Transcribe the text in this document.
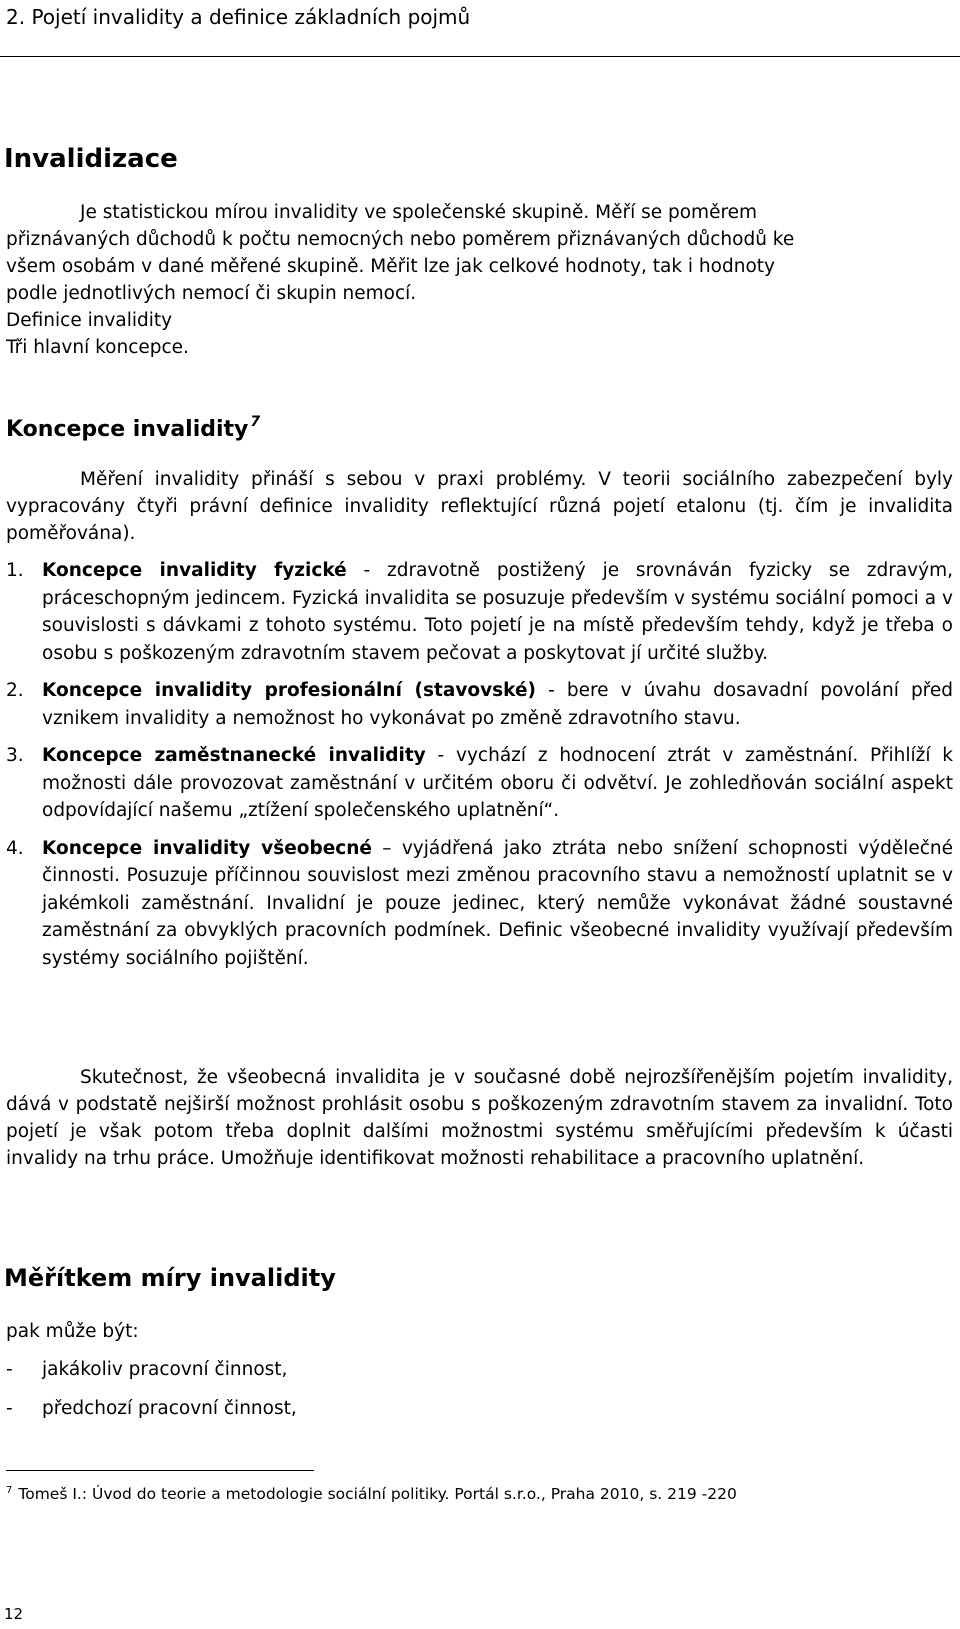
2. Pojetí invalidity a definice základních pojmů
Invalidizace
Je statistickou mírou invalidity ve společenské skupině. Měří se poměrem
přiznávaných důchodů k počtu nemocných nebo poměrem přiznávaných důchodů ke
všem osobám v dané měřené skupině. Měřit lze jak celkové hodnoty, tak i hodnoty
podle jednotlivých nemocí či skupin nemocí.
Definice invalidity
Tři hlavní koncepce.
Koncepce invalidity $^7$

Měření invalidity přináší s sebou v praxi problémy. V teorii sociálního zabezpečení byly vypracovány čtyři právní definice invalidity reflektující různá pojetí etalonu (tj. čím je invalidita poměřována).

1. Koncepce invalidity fyzické - zdravotně postižený je srovnáván fyzicky se zdravým, práceschopným jedincem. Fyzická invalidita se posuzuje především v systému sociální pomoci a v souvislosti s dávkami z tohoto systému. Toto pojetí je na místě především tehdy, když je třeba o osobu s poškozeným zdravotním stavem pečovat a poskytovat jí určité služby.
2. Koncepce invalidity profesionální (stavovské) - bere v úvahu dosavadní povolání před vznikem invalidity a nemožnost ho vykonávat po změně zdravotního stavu.
3. Koncepce zaměstnanecké invalidity - vychází z hodnocení ztrát v zaměstnání. Přihlíží k možnosti dále provozovat zaměstnání v určitém oboru či odvětví. Je zohledňován sociální aspekt odpovídající našemu „ztížení společenského uplatnění“.
4. Koncepce invalidity všeobecné – vyjádřená jako ztráta nebo snížení schopnosti výdělečné činnosti. Posuzuje příčinnou souvislost mezi změnou pracovního stavu a nemožností uplatnit se v jakémkoli zaměstnání. Invalidní je pouze jedinec, který nemůže vykonávat žádné soustavné zaměstnání za obvyklých pracovních podmínek. Definic všeobecné invalidity využívají především systémy sociálního pojištění.

Skutečnost, že všeobecná invalidita je v současné době nejrozšířenějším pojetím invalidity, dává v podstatě nejširší možnost prohlásit osobu s poškozeným zdravotním stavem za invalidní. Toto pojetí je však potom třeba doplnit dalšími možnostmi systému směřujícími především k účasti invalidy na trhu práce. Umožňuje identifikovat možnosti rehabilitace a pracovního uplatnění.

Měřítkem míry invalidity

pak může být:

- jakákoliv pracovní činnost,
- předchozí pracovní činnost,
$^7$ Tomeš I.: Úvod do teorie a metodologie sociální politiky. Portál s.r.o., Praha 2010, s. 219 -220
12
